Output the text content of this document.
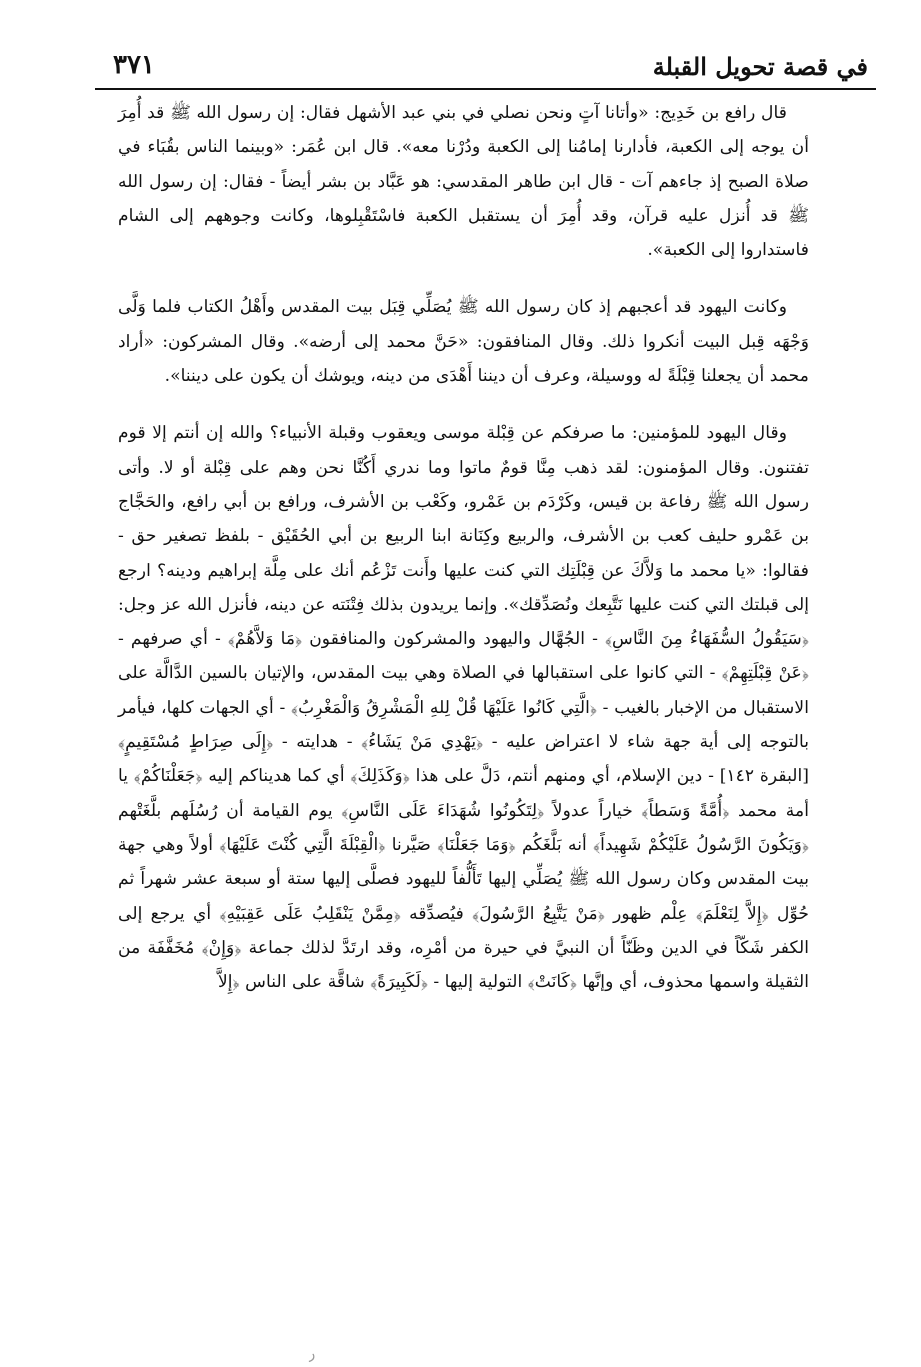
في قصة تحويل القبلة
٣٧١

قال رافع بن خَدِيج: «وأتانا آتٍ ونحن نصلي في بني عبد الأشهل فقال: إن رسول الله ﷺ قد أُمِرَ أن يوجه إلى الكعبة، فأدارنا إمامُنا إلى الكعبة ودُرْنا معه». قال ابن عُمَر: «وبينما الناس بقُبَاء في صلاة الصبح إذ جاءهم آت - قال ابن طاهر المقدسي: هو عَبَّاد بن بشر أيضاً - فقال: إن رسول الله ﷺ قد أُنزل عليه قرآن، وقد أُمِرَ أن يستقبل الكعبة فاسْتَقْبِلوها، وكانت وجوههم إلى الشام فاستداروا إلى الكعبة».

وكانت اليهود قد أعجبهم إذ كان رسول الله ﷺ يُصَلِّي قِبَل بيت المقدس وأَهْلُ الكتاب فلما وَلَّى وَجْهَه قِبل البيت أنكروا ذلك. وقال المنافقون: «حَنَّ محمد إلى أرضه». وقال المشركون: «أراد محمد أن يجعلنا قِبْلَةً له ووسيلة، وعرف أن ديننا أَهْدَى من دينه، ويوشك أن يكون على ديننا».

وقال اليهود للمؤمنين: ما صرفكم عن قِبْلة موسى ويعقوب وقبلة الأنبياء؟ والله إن أنتم إلا قوم تفتنون. وقال المؤمنون: لقد ذهب مِنَّا قومٌ ماتوا وما ندري أَكُنَّا نحن وهم على قِبْلة أو لا. وأتى رسول الله ﷺ رفاعة بن قيس، وكَرْدَم بن عَمْرو، وكَعْب بن الأشرف، ورافع بن أبي رافع، والحَجَّاج بن عَمْرو حليف كعب بن الأشرف، والربيع وكِنَانة ابنا الربيع بن أبي الحُقَيْق - بلفظ تصغير حق - فقالوا: «يا محمد ما وَلاَّكَ عن قِبْلَتِك التي كنت عليها وأَنت تَزْعُم أنك على مِلَّة إبراهيم ودينه؟ ارجع إلى قبلتك التي كنت عليها نَتَّبِعك ونُصَدِّقك». وإنما يريدون بذلك فِتْنَته عن دينه، فأنزل الله عز وجل: ﴿سَيَقُولُ السُّفَهَاءُ مِنَ النَّاسِ﴾ - الجُهَّال واليهود والمشركون والمنافقون ﴿مَا وَلاَّهُمْ﴾ - أي صرفهم - ﴿عَنْ قِبْلَتِهِمْ﴾ - التي كانوا على استقبالها في الصلاة وهي بيت المقدس، والإتيان بالسين الدَّالَّة على الاستقبال من الإخبار بالغيب - ﴿الَّتِي كَانُوا عَلَيْهَا قُلْ لِلهِ الْمَشْرِقُ وَالْمَغْرِبُ﴾ - أي الجهات كلها، فيأمر بالتوجه إلى أية جهة شاء لا اعتراض عليه - ﴿يَهْدِي مَنْ يَشَاءُ﴾ - هدايته - ﴿إِلَى صِرَاطٍ مُسْتَقِيمٍ﴾ [البقرة ١٤٢] - دين الإسلام، أي ومنهم أنتم، دَلَّ على هذا ﴿وَكَذَلِكَ﴾ أي كما هديناكم إليه ﴿جَعَلْنَاكُمْ﴾ يا أمة محمد ﴿أُمَّةً وَسَطاً﴾ خياراً عدولاً ﴿لِتَكُونُوا شُهَدَاءَ عَلَى النَّاسِ﴾ يوم القيامة أن رُسُلَهم بلَّغَتْهم ﴿وَيَكُونَ الرَّسُولُ عَلَيْكُمْ شَهِيداً﴾ أنه بَلَّغَكُم ﴿وَمَا جَعَلْنَا﴾ صَيَّرنا ﴿الْقِبْلَةَ الَّتِي كُنْتَ عَلَيْهَا﴾ أولاً وهي جهة بيت المقدس وكان رسول الله ﷺ يُصَلِّي إليها تَأَلُّفاً لليهود فصلَّى إليها ستة أو سبعة عشر شهراً ثم حُوِّل ﴿إِلاَّ لِنَعْلَمَ﴾ عِلْم ظهور ﴿مَنْ يَتَّبِعُ الرَّسُولَ﴾ فيُصدِّقه ﴿مِمَّنْ يَنْقَلِبُ عَلَى عَقِبَيْهِ﴾ أي يرجع إلى الكفر شَكّاً في الدين وظَنّاً أن النبيَّ في حيرة من أمْرِه، وقد ارتَدَّ لذلك جماعة ﴿وَإِنْ﴾ مُخَفَّفَة من الثقيلة واسمها محذوف، أي وإنَّها ﴿كَانَتْ﴾ التولية إليها - ﴿لَكَبِيرَةً﴾ شاقَّة على الناس ﴿إِلاَّ

ر
